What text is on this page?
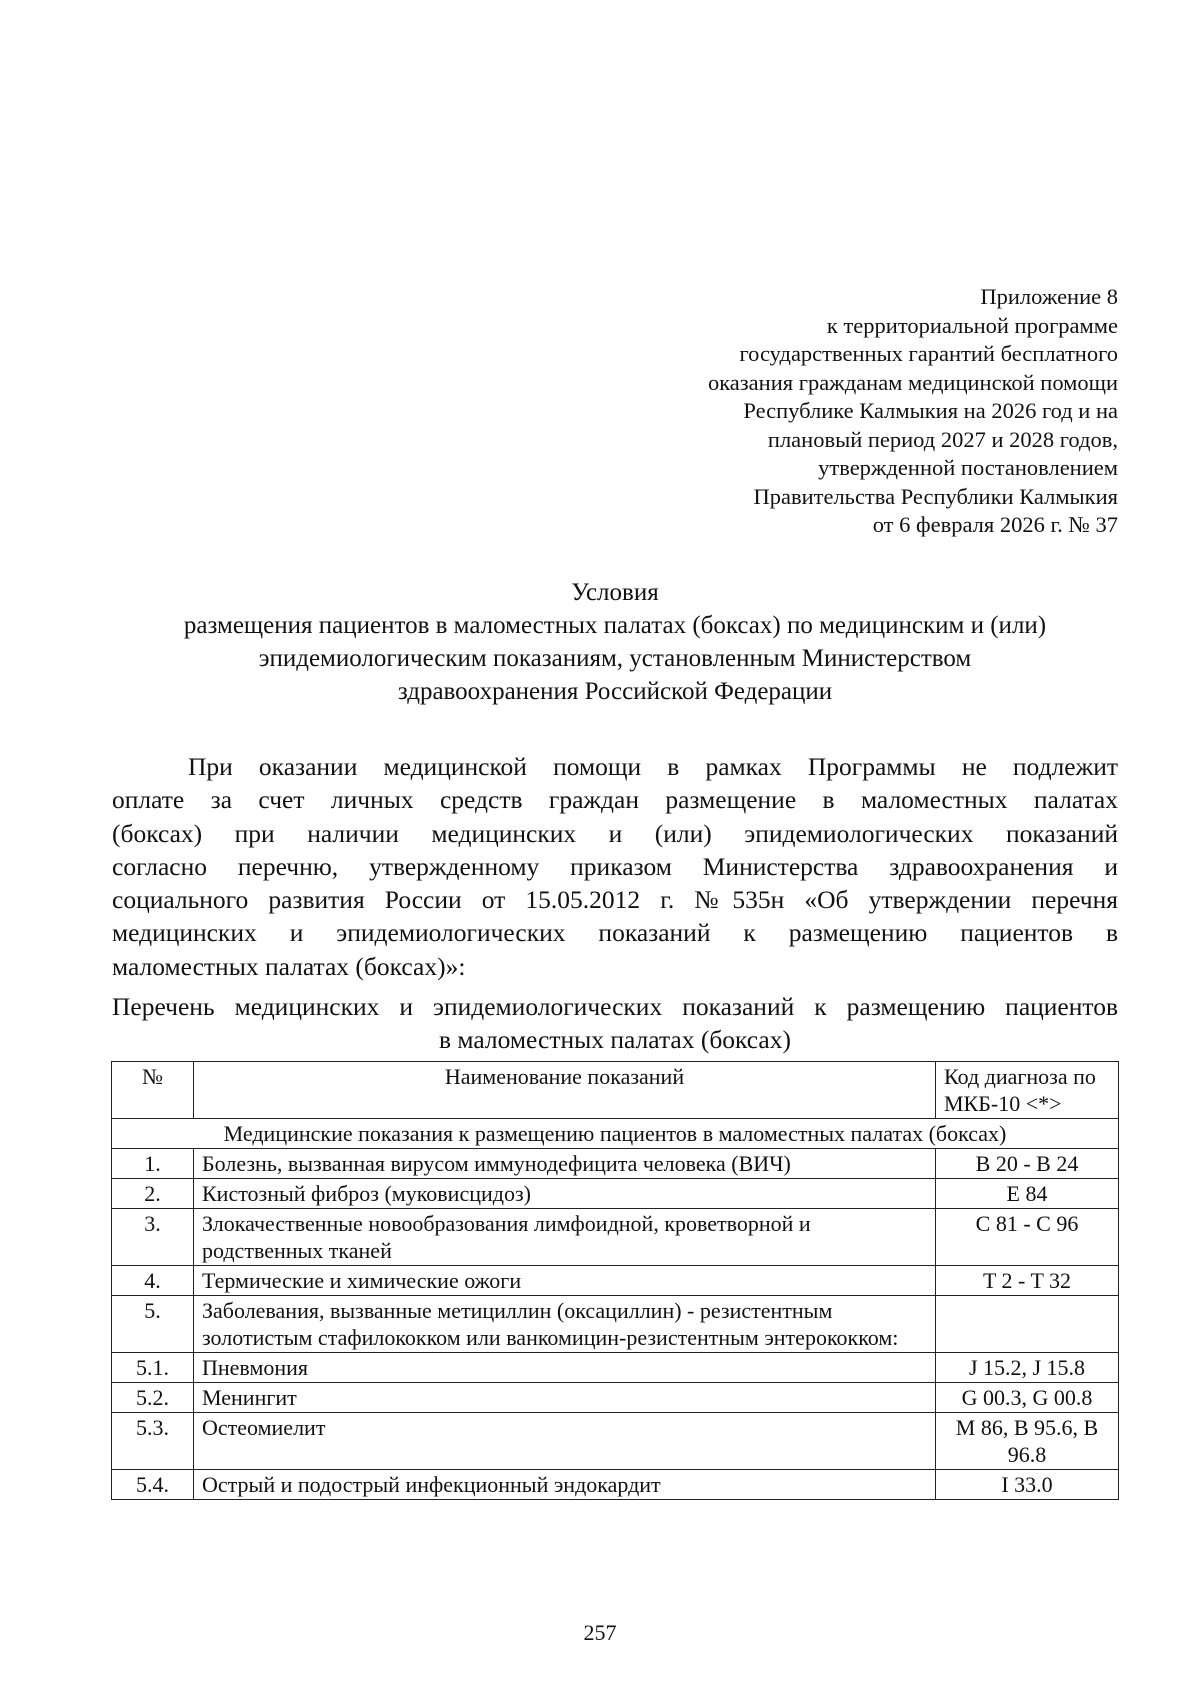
Приложение 8
к территориальной программе
государственных гарантий бесплатного
оказания гражданам медицинской помощи
Республике Калмыкия на 2026 год и на
плановый период 2027 и 2028 годов,
утвержденной постановлением
Правительства Республики Калмыкия
от 6 февраля 2026 г. № 37
Условия
размещения пациентов в маломестных палатах (боксах) по медицинским и (или)
эпидемиологическим показаниям, установленным Министерством
здравоохранения Российской Федерации
При оказании медицинской помощи в рамках Программы не подлежит
оплате за счет личных средств граждан размещение в маломестных палатах
(боксах) при наличии медицинских и (или) эпидемиологических показаний
согласно перечню, утвержденному приказом Министерства здравоохранения и
социального развития России от 15.05.2012 г. №535н «Об утверждении перечня
медицинских и эпидемиологических показаний к размещению пациентов в
маломестных палатах (боксах)»:
Перечень медицинских и эпидемиологических показаний к размещению пациентов
в маломестных палатах (боксах)
№	Наименование показаний	Код диагноза по МКБ-10 <*>
Медицинские показания к размещению пациентов в маломестных палатах (боксах)		
1.	Болезнь, вызванная вирусом иммунодефицита человека (ВИЧ)	B 20 - B 24
2.	Кистозный фиброз (муковисцидоз)	E 84
3.	Злокачественные новообразования лимфоидной, кроветворной и родственных тканей	C 81 - C 96
4.	Термические и химические ожоги	T 2 - T 32
5.	Заболевания, вызванные метициллин (оксациллин) - резистентным золотистым стафилококком или ванкомицин-резистентным энтерококком:	
5.1.	Пневмония	J 15.2, J 15.8
5.2.	Менингит	G 00.3, G 00.8
5.3.	Остеомиелит	M 86, B 95.6, B 96.8
5.4.	Острый и подострый инфекционный эндокардит	I 33.0
257
